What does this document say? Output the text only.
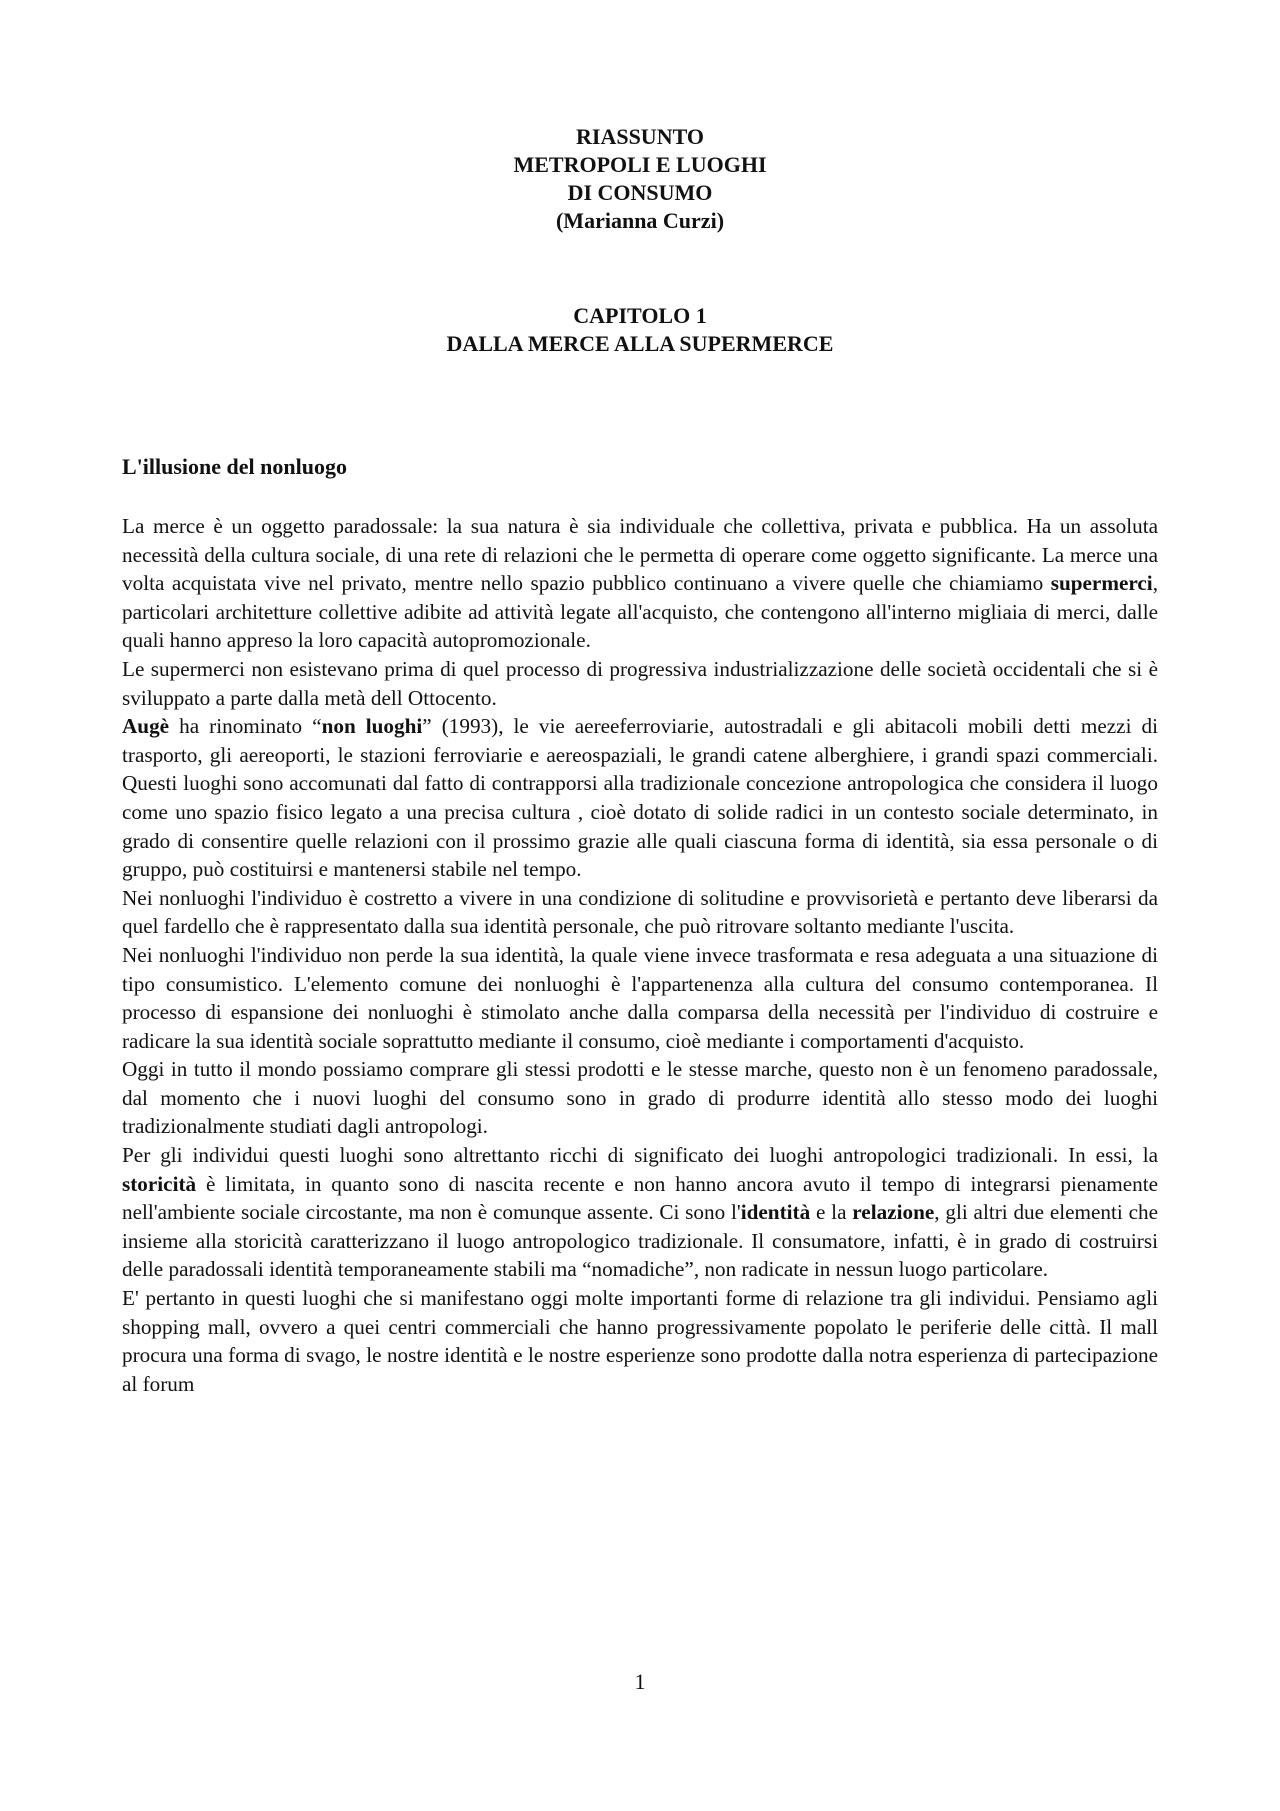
RIASSUNTO
METROPOLI E LUOGHI
DI CONSUMO
(Marianna Curzi)
CAPITOLO 1
DALLA MERCE ALLA SUPERMERCE
L'illusione del nonluogo

La merce è un oggetto paradossale: la sua natura è sia individuale che collettiva, privata e pubblica. Ha un assoluta necessità della cultura sociale, di una rete di relazioni che le permetta di operare come oggetto significante. La merce una volta acquistata vive nel privato, mentre nello spazio pubblico continuano a vivere quelle che chiamiamo supermerci, particolari architetture collettive adibite ad attività legate all'acquisto, che contengono all'interno migliaia di merci, dalle quali hanno appreso la loro capacità autopromozionale.

Le supermerci non esistevano prima di quel processo di progressiva industrializzazione delle società occidentali che si è sviluppato a parte dalla metà dell Ottocento.

Augè ha rinominato “non luoghi” (1993), le vie aereeferroviarie, autostradali e gli abitacoli mobili detti mezzi di trasporto, gli aereoporti, le stazioni ferroviarie e aereospaziali, le grandi catene alberghiere, i grandi spazi commerciali. Questi luoghi sono accomunati dal fatto di contrapporsi alla tradizionale concezione antropologica che considera il luogo come uno spazio fisico legato a una precisa cultura , cioè dotato di solide radici in un contesto sociale determinato, in grado di consentire quelle relazioni con il prossimo grazie alle quali ciascuna forma di identità, sia essa personale o di gruppo, può costituirsi e mantenersi stabile nel tempo.

Nei nonluoghi l'individuo è costretto a vivere in una condizione di solitudine e provvisorietà e pertanto deve liberarsi da quel fardello che è rappresentato dalla sua identità personale, che può ritrovare soltanto mediante l'uscita.

Nei nonluoghi l'individuo non perde la sua identità, la quale viene invece trasformata e resa adeguata a una situazione di tipo consumistico. L'elemento comune dei nonluoghi è l'appartenenza alla cultura del consumo contemporanea. Il processo di espansione dei nonluoghi è stimolato anche dalla comparsa della necessità per l'individuo di costruire e radicare la sua identità sociale soprattutto mediante il consumo, cioè mediante i comportamenti d'acquisto.

Oggi in tutto il mondo possiamo comprare gli stessi prodotti e le stesse marche, questo non è un fenomeno paradossale, dal momento che i nuovi luoghi del consumo sono in grado di produrre identità allo stesso modo dei luoghi tradizionalmente studiati dagli antropologi.

Per gli individui questi luoghi sono altrettanto ricchi di significato dei luoghi antropologici tradizionali. In essi, la storicità è limitata, in quanto sono di nascita recente e non hanno ancora avuto il tempo di integrarsi pienamente nell'ambiente sociale circostante, ma non è comunque assente. Ci sono l'identità e la relazione, gli altri due elementi che insieme alla storicità caratterizzano il luogo antropologico tradizionale. Il consumatore, infatti, è in grado di costruirsi delle paradossali identità temporaneamente stabili ma “nomadiche”, non radicate in nessun luogo particolare.

E' pertanto in questi luoghi che si manifestano oggi molte importanti forme di relazione tra gli individui. Pensiamo agli shopping mall, ovvero a quei centri commerciali che hanno progressivamente popolato le periferie delle città. Il mall procura una forma di svago, le nostre identità e le nostre esperienze sono prodotte dalla notra esperienza di partecipazione al forum

1
